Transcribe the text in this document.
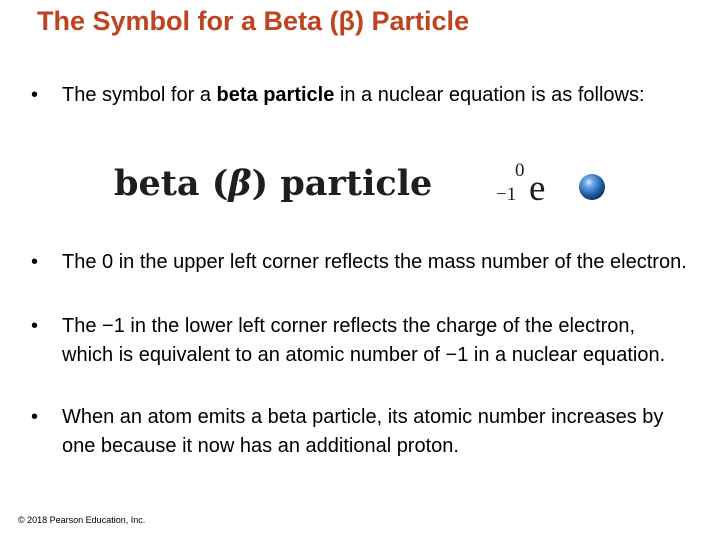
The Symbol for a Beta (β) Particle
• The symbol for a beta particle in a nuclear equation is as follows:
beta (β) particle	0
−1 e
• The 0 in the upper left corner reflects the mass number of the electron.
• The −1 in the lower left corner reflects the charge of the electron, which is equivalent to an atomic number of −1 in a nuclear equation.
• When an atom emits a beta particle, its atomic number increases by one because it now has an additional proton.
© 2018 Pearson Education, Inc.
